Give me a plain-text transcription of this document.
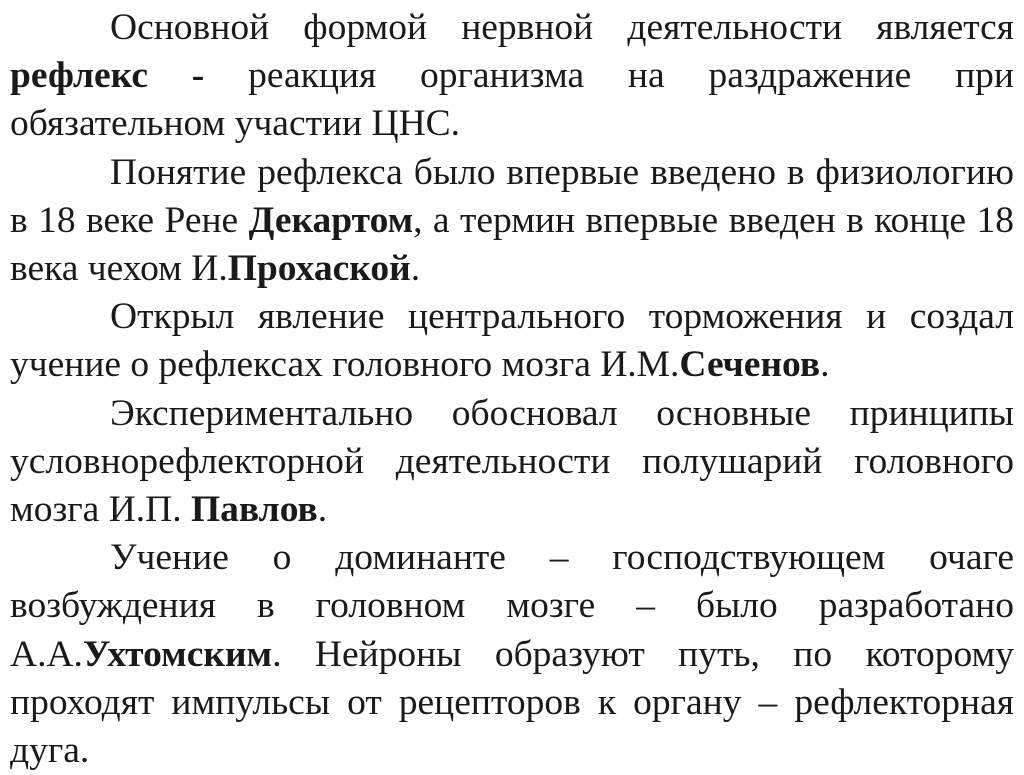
Основной формой нервной деятельности является рефлекс - реакция организма на раздражение при обязательном участии ЦНС.

Понятие рефлекса было впервые введено в физиологию в 18 веке Рене Декартом, а термин впервые введен в конце 18 века чехом И.Прохаской.

Открыл явление центрального торможения и создал учение о рефлексах головного мозга И.М.Сеченов.

Экспериментально обосновал основные принципы условнорефлекторной деятельности полушарий головного мозга И.П. Павлов.

Учение о доминанте – господствующем очаге возбуждения в головном мозге – было разработано А.А.Ухтомским. Нейроны образуют путь, по которому проходят импульсы от рецепторов к органу – рефлекторная дуга.
